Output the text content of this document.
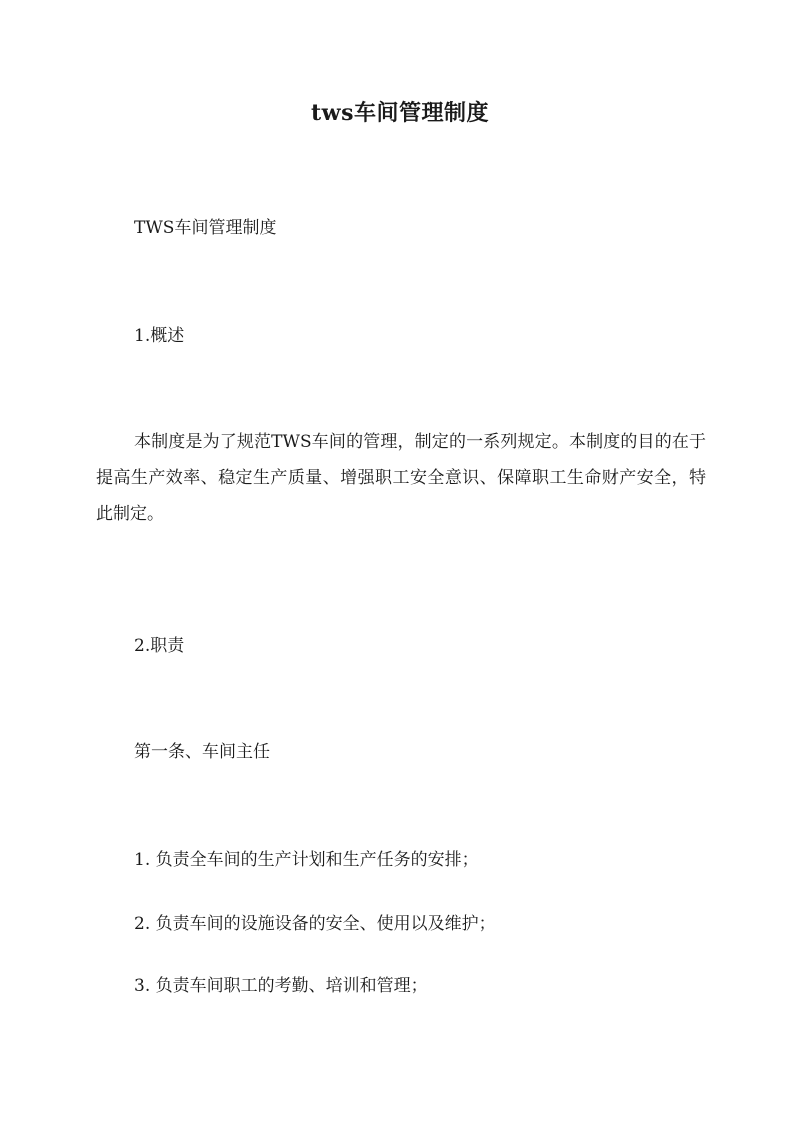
tws车间管理制度
TWS车间管理制度
1.概述
本制度是为了规范TWS车间的管理，制定的一系列规定。本制度的目的在于提高生产效率、稳定生产质量、增强职工安全意识、保障职工生命财产安全，特此制定。
2.职责
第一条、车间主任
1. 负责全车间的生产计划和生产任务的安排；
2. 负责车间的设施设备的安全、使用以及维护；
3. 负责车间职工的考勤、培训和管理；
